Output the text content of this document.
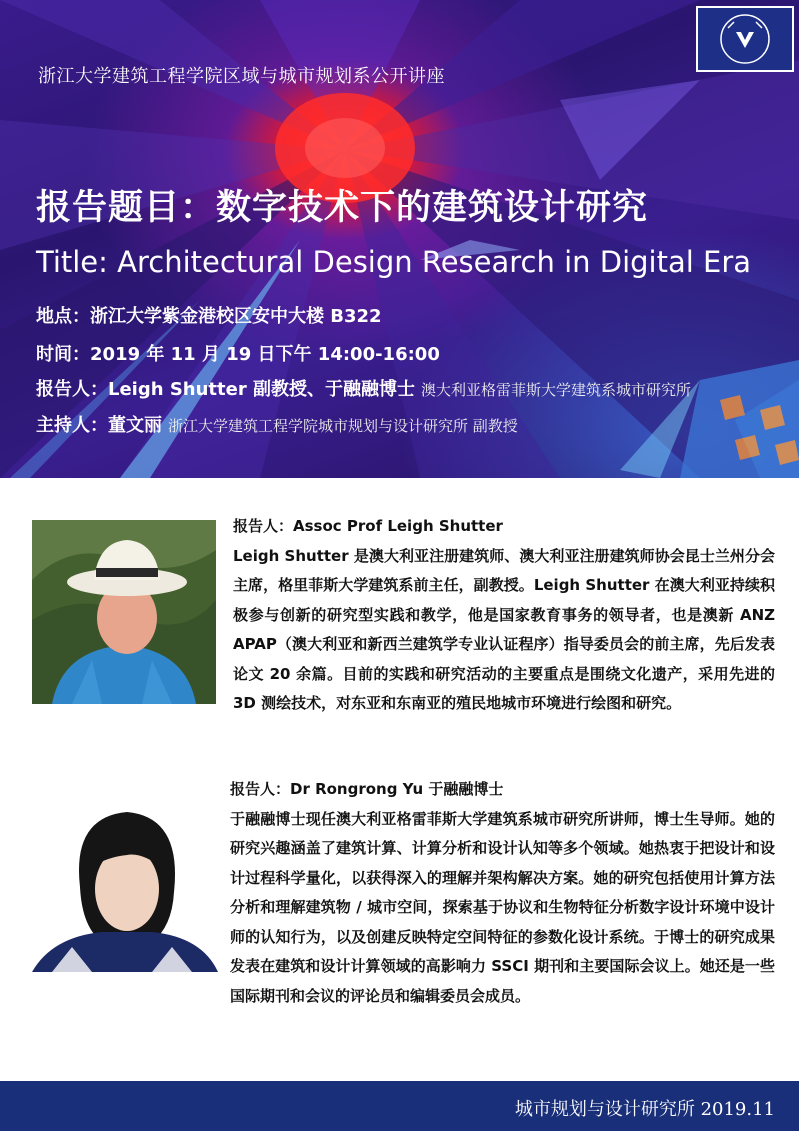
浙江大学建筑工程学院区域与城市规划系公开讲座
报告题目：数字技术下的建筑设计研究
Title: Architectural Design Research in Digital Era
地点：浙江大学紫金港校区安中大楼 B322
时间：2019 年 11 月 19 日下午 14:00-16:00
报告人：Leigh Shutter 副教授、于融融博士 澳大利亚格雷菲斯大学建筑系城市研究所
主持人：董文丽 浙江大学建筑工程学院城市规划与设计研究所 副教授
报告人：Assoc Prof Leigh Shutter
Leigh Shutter 是澳大利亚注册建筑师、澳大利亚注册建筑师协会昆士兰州分会主席，格里菲斯大学建筑系前主任，副教授。Leigh Shutter 在澳大利亚持续积极参与创新的研究型实践和教学，他是国家教育事务的领导者，也是澳新 ANZ APAP（澳大利亚和新西兰建筑学专业认证程序）指导委员会的前主席，先后发表论文 20 余篇。目前的实践和研究活动的主要重点是围绕文化遗产，采用先进的 3D 测绘技术，对东亚和东南亚的殖民地城市环境进行绘图和研究。
报告人：Dr Rongrong Yu 于融融博士
于融融博士现任澳大利亚格雷菲斯大学建筑系城市研究所讲师，博士生导师。她的研究兴趣涵盖了建筑计算、计算分析和设计认知等多个领域。她热衷于把设计和设计过程科学量化，以获得深入的理解并架构解决方案。她的研究包括使用计算方法分析和理解建筑物 / 城市空间，探索基于协议和生物特征分析数字设计环境中设计师的认知行为，以及创建反映特定空间特征的参数化设计系统。于博士的研究成果发表在建筑和设计计算领域的高影响力 SSCI 期刊和主要国际会议上。她还是一些国际期刊和会议的评论员和编辑委员会成员。
城市规划与设计研究所 2019.11
